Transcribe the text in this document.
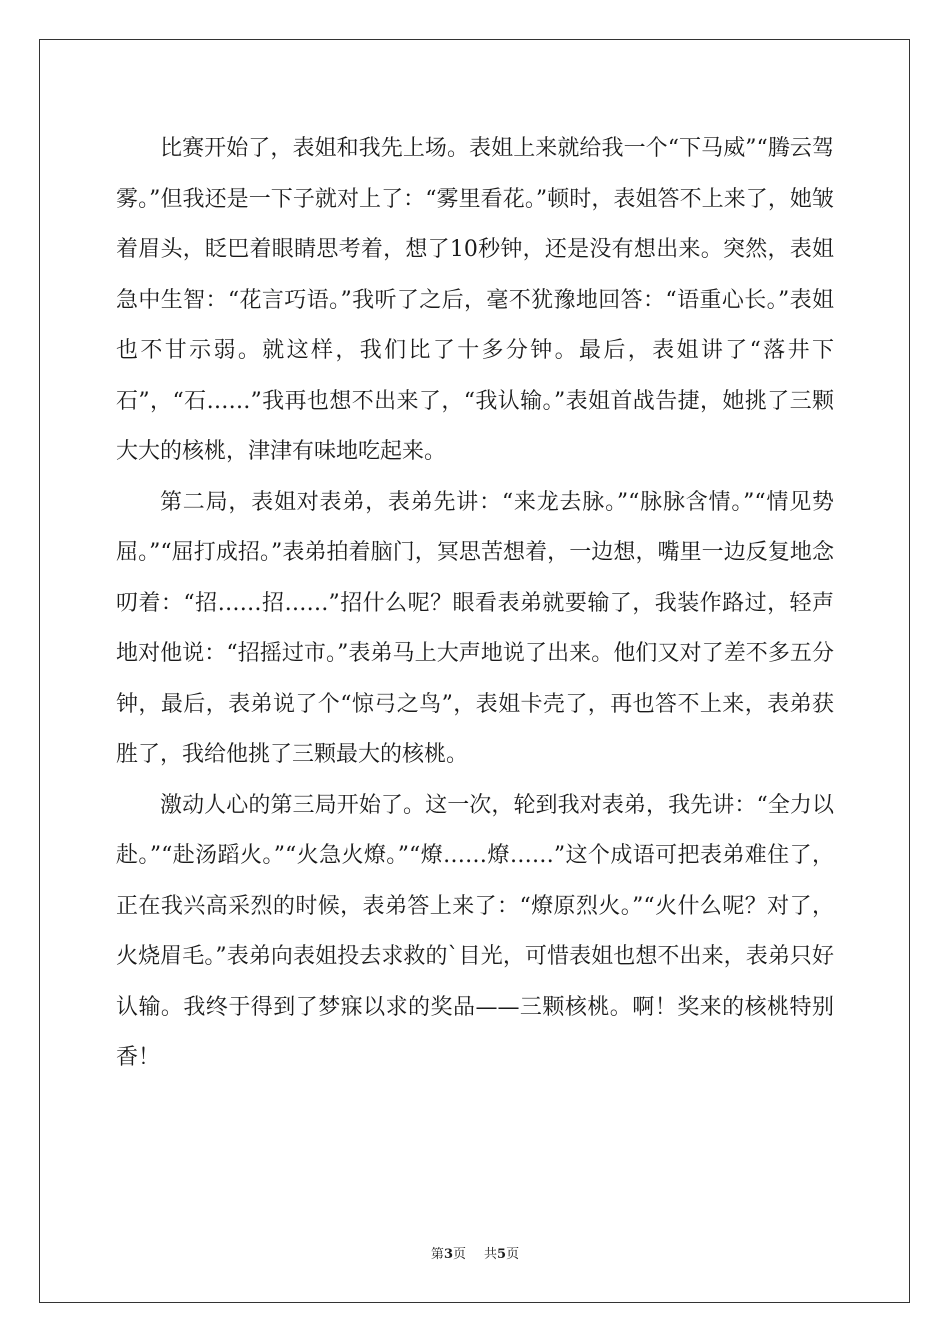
比赛开始了，表姐和我先上场。表姐上来就给我一个“下马威”“腾云驾雾。”但我还是一下子就对上了：“雾里看花。”顿时，表姐答不上来了，她皱着眉头，眨巴着眼睛思考着，想了10秒钟，还是没有想出来。突然，表姐急中生智：“花言巧语。”我听了之后，毫不犹豫地回答：“语重心长。”表姐也不甘示弱。就这样，我们比了十多分钟。最后，表姐讲了“落井下石”，“石……”我再也想不出来了，“我认输。”表姐首战告捷，她挑了三颗大大的核桃，津津有味地吃起来。

第二局，表姐对表弟，表弟先讲：“来龙去脉。”“脉脉含情。”“情见势屈。”“屈打成招。”表弟拍着脑门，冥思苦想着，一边想，嘴里一边反复地念叨着：“招……招……”招什么呢？眼看表弟就要输了，我装作路过，轻声地对他说：“招摇过市。”表弟马上大声地说了出来。他们又对了差不多五分钟，最后，表弟说了个“惊弓之鸟”，表姐卡壳了，再也答不上来，表弟获胜了，我给他挑了三颗最大的核桃。

激动人心的第三局开始了。这一次，轮到我对表弟，我先讲：“全力以赴。”“赴汤蹈火。”“火急火燎。”“燎……燎……”这个成语可把表弟难住了，正在我兴高采烈的时候，表弟答上来了：“燎原烈火。”“火什么呢？对了，火烧眉毛。”表弟向表姐投去求救的`目光，可惜表姐也想不出来，表弟只好认输。我终于得到了梦寐以求的奖品——三颗核桃。啊！奖来的核桃特别香！

第3页 共5页
